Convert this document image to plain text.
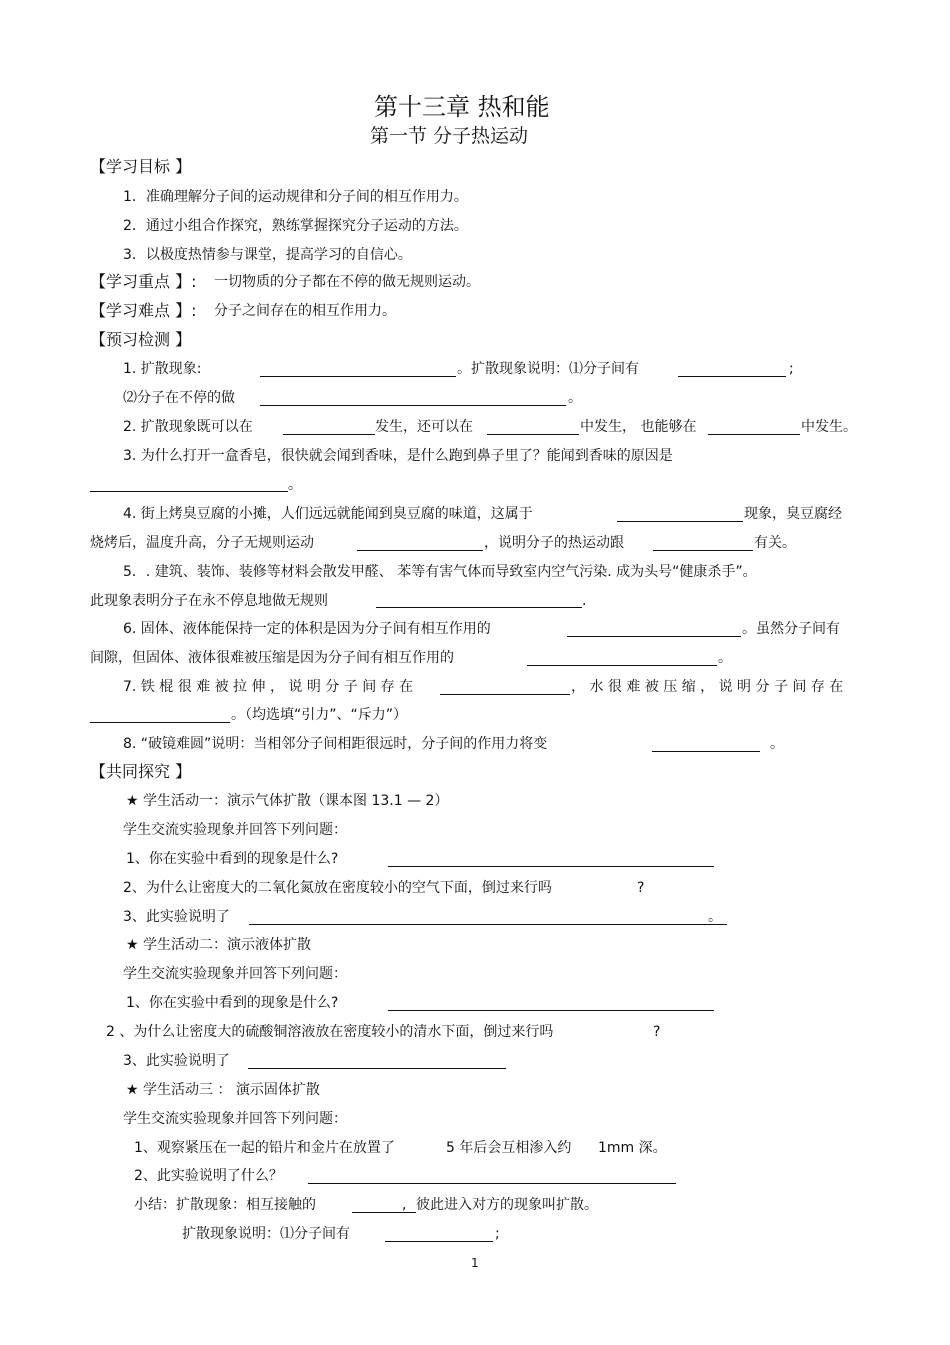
第十三章 热和能
第一节 分子热运动
【学习目标 】
1．准确理解分子间的运动规律和分子间的相互作用力。
2．通过小组合作探究，熟练掌握探究分子运动的方法。
3．以极度热情参与课堂，提高学习的自信心。
【学习重点 】: 一切物质的分子都在不停的做无规则运动。
【学习难点 】: 分子之间存在的相互作用力。
【预习检测 】
1. 扩散现象:	。扩散现象说明：⑴分子间有	;
⑵分子在不停的做	。
2. 扩散现象既可以在	发生，还可以在	中发生， 也能够在	中发生。
3. 为什么打开一盒香皂，很快就会闻到香味，是什么跑到鼻子里了？能闻到香味的原因是
。
4. 街上烤臭豆腐的小摊，人们远远就能闻到臭豆腐的味道，这属于	现象，臭豆腐经
烧烤后，温度升高，分子无规则运动	，说明分子的热运动跟	有关。
5．. 建筑、装饰、装修等材料会散发甲醛、 苯等有害气体而导致室内空气污染. 成为头号“健康杀手”。
此现象表明分子在永不停息地做无规则	.
6. 固体、液体能保持一定的体积是因为分子间有相互作用的	。虽然分子间有
间隙，但固体、液体很难被压缩是因为分子间有相互作用的	。
7. 铁 棍 很 难 被 拉 伸 ， 说 明 分 子 间 存 在	， 水 很 难 被 压 缩 ， 说 明 分 子 间 存 在
。（均选填“引力”、“斥力”）
8. “破镜难圆”说明：当相邻分子间相距很远时，分子间的作用力将变	。
【共同探究 】
★ 学生活动一：演示气体扩散（课本图 13.1 — 2）
学生交流实验现象并回答下列问题：
1、你在实验中看到的现象是什么?
2、为什么让密度大的二氧化氮放在密度较小的空气下面，倒过来行吗	?
3、此实验说明了	。
★ 学生活动二：演示液体扩散
学生交流实验现象并回答下列问题：
1、你在实验中看到的现象是什么?
2 、为什么让密度大的硫酸铜溶液放在密度较小的清水下面，倒过来行吗	?
3、此实验说明了
★ 学生活动三 ： 演示固体扩散
学生交流实验现象并回答下列问题：
1、观察紧压在一起的铅片和金片在放置了	5 年后会互相渗入约 1mm 深。
2、此实验说明了什么？
小结：扩散现象：相互接触的	, 彼此进入对方的现象叫扩散。
扩散现象说明：⑴分子间有	;
1
